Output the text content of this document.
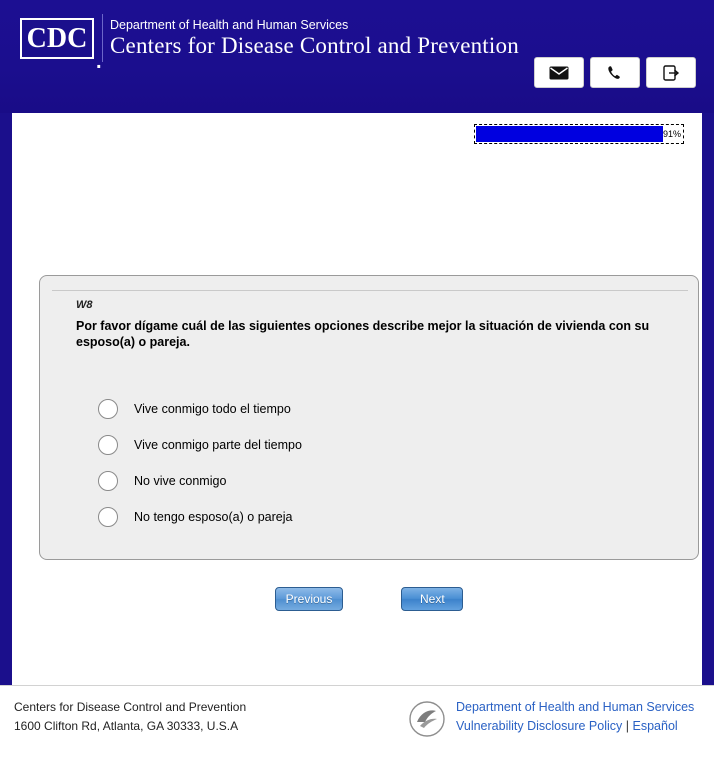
CDC
.
Department of Health and Human Services
Centers for Disease Control and Prevention
91%
W8
Por favor dígame cuál de las siguientes opciones describe mejor la situación de vivienda con su esposo(a) o pareja.
Vive conmigo todo el tiempo
Vive conmigo parte del tiempo
No vive conmigo
No tengo esposo(a) o pareja
Previous	Next
Centers for Disease Control and Prevention
1600 Clifton Rd, Atlanta, GA 30333, U.S.A
Department of Health and Human Services
Vulnerability Disclosure Policy | Español
